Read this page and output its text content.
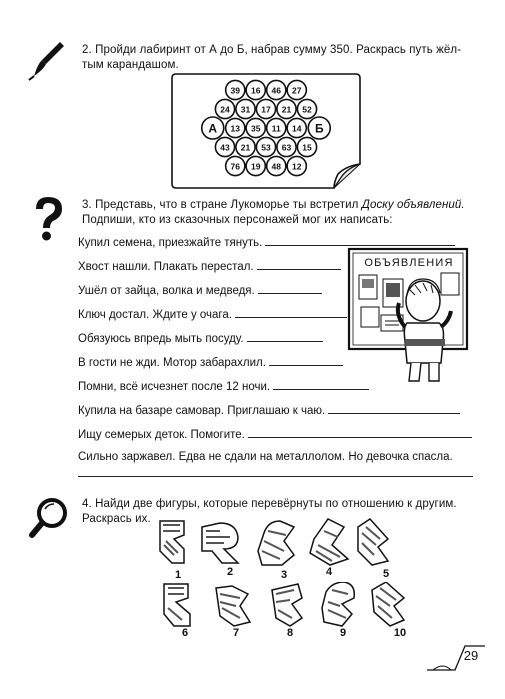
2. Пройди лабиринт от А до Б, набрав сумму 350. Раскрась путь жёл-
тым карандашом.
39 16 46 27
24 31 17 21 52
13 35 11 14
43 21 53 63 15
76 19 48 12
А	Б
3. Представь, что в стране Лукоморье ты встретил Доску объявлений.
Подпиши, кто из сказочных персонажей мог их написать:
Купил семена, приезжайте тянуть.
Хвост нашли. Плакать перестал.
Ушёл от зайца, волка и медведя.
Ключ достал. Ждите у очага.
Обязуюсь впредь мыть посуду.
В гости не жди. Мотор забарахлил.
Помни, всё исчезнет после 12 ночи.
Купила на базаре самовар. Приглашаю к чаю.
Ищу семерых деток. Помогите.
Сильно заржавел. Едва не сдали на металлолом. Но девочка спасла.
ОБЪЯВЛЕНИЯ
4. Найди две фигуры, которые перевёрнуты по отношению к другим.
Раскрась их.
1	2	3	4	5
6	7	8	9	10
29
